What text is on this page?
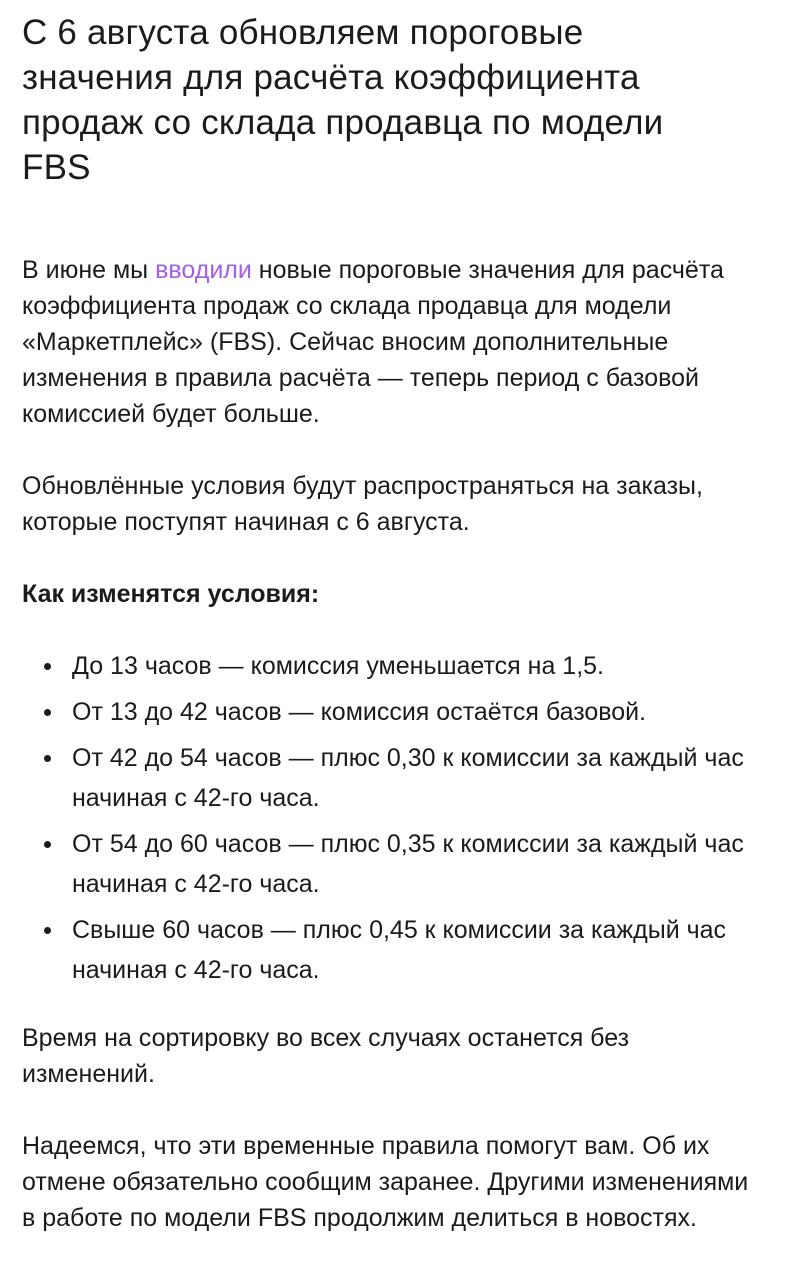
С 6 августа обновляем пороговые значения для расчёта коэффициента продаж со склада продавца по модели FBS

В июне мы вводили новые пороговые значения для расчёта коэффициента продаж со склада продавца для модели «Маркетплейс» (FBS). Сейчас вносим дополнительные изменения в правила расчёта — теперь период с базовой комиссией будет больше.

Обновлённые условия будут распространяться на заказы, которые поступят начиная с 6 августа.

Как изменятся условия:

До 13 часов — комиссия уменьшается на 1,5.
От 13 до 42 часов — комиссия остаётся базовой.
От 42 до 54 часов — плюс 0,30 к комиссии за каждый час начиная с 42-го часа.
От 54 до 60 часов — плюс 0,35 к комиссии за каждый час начиная с 42-го часа.
Свыше 60 часов — плюс 0,45 к комиссии за каждый час начиная с 42-го часа.

Время на сортировку во всех случаях останется без изменений.

Надеемся, что эти временные правила помогут вам. Об их отмене обязательно сообщим заранее. Другими изменениями в работе по модели FBS продолжим делиться в новостях.
